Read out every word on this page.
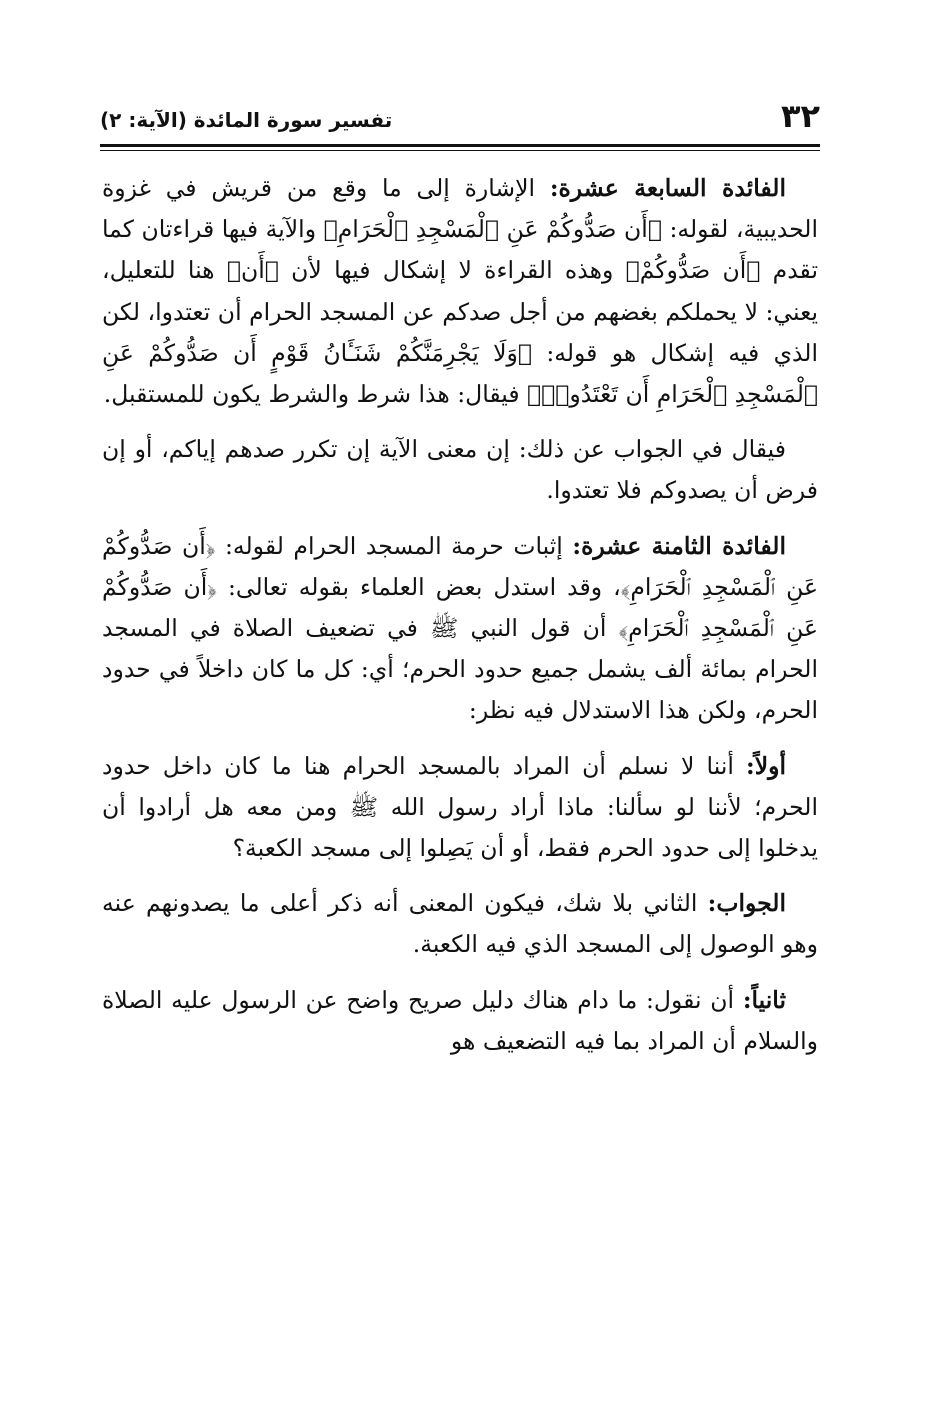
٣٢
تفسير سورة المائدة (الآية: ٢)

الفائدة السابعة عشرة: الإشارة إلى ما وقع من قريش في غزوة الحديبية، لقوله: ﴿أَن صَدُّوكُمْ عَنِ ٱلْمَسْجِدِ ٱلْحَرَامِ﴾ والآية فيها قراءتان كما تقدم ﴿أَن صَدُّوكُمْ﴾ وهذه القراءة لا إشكال فيها لأن ﴿أَن﴾ هنا للتعليل، يعني: لا يحملكم بغضهم من أجل صدكم عن المسجد الحرام أن تعتدوا، لكن الذي فيه إشكال هو قوله: ﴿وَلَا يَجْرِمَنَّكُمْ شَنَـَٔانُ قَوْمٍ أَن صَدُّوكُمْ عَنِ ٱلْمَسْجِدِ ٱلْحَرَامِ أَن تَعْتَدُوا۟﴾ فيقال: هذا شرط والشرط يكون للمستقبل.

فيقال في الجواب عن ذلك: إن معنى الآية إن تكرر صدهم إياكم، أو إن فرض أن يصدوكم فلا تعتدوا.

الفائدة الثامنة عشرة: إثبات حرمة المسجد الحرام لقوله: ﴿أَن صَدُّوكُمْ عَنِ ٱلْمَسْجِدِ ٱلْحَرَامِ﴾، وقد استدل بعض العلماء بقوله تعالى: ﴿أَن صَدُّوكُمْ عَنِ ٱلْمَسْجِدِ ٱلْحَرَامِ﴾ أن قول النبي ﷺ في تضعيف الصلاة في المسجد الحرام بمائة ألف يشمل جميع حدود الحرم؛ أي: كل ما كان داخلاً في حدود الحرم، ولكن هذا الاستدلال فيه نظر:

أولاً: أننا لا نسلم أن المراد بالمسجد الحرام هنا ما كان داخل حدود الحرم؛ لأننا لو سألنا: ماذا أراد رسول الله ﷺ ومن معه هل أرادوا أن يدخلوا إلى حدود الحرم فقط، أو أن يَصِلوا إلى مسجد الكعبة؟

الجواب: الثاني بلا شك، فيكون المعنى أنه ذكر أعلى ما يصدونهم عنه وهو الوصول إلى المسجد الذي فيه الكعبة.

ثانياً: أن نقول: ما دام هناك دليل صريح واضح عن الرسول عليه الصلاة والسلام أن المراد بما فيه التضعيف هو
